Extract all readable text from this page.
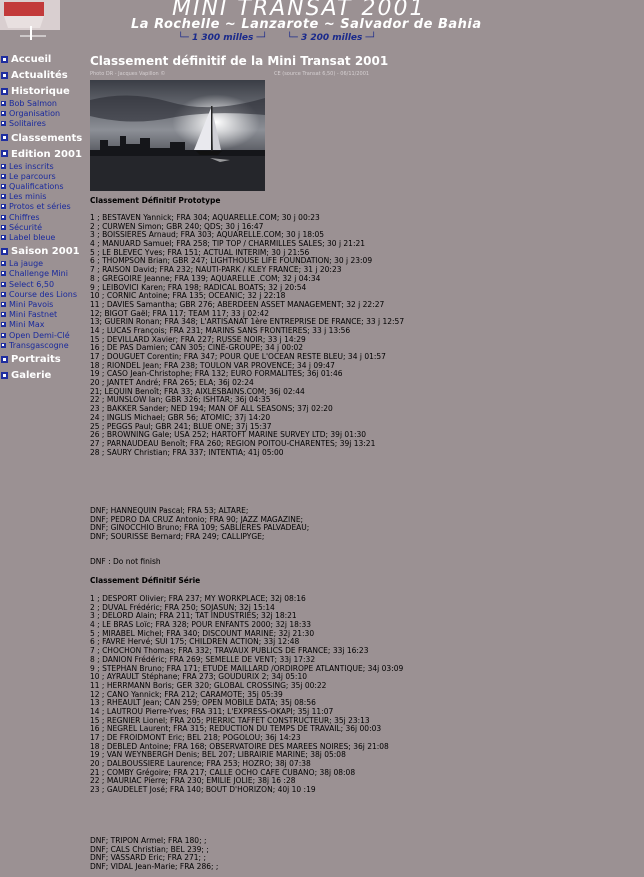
MINI TRANSAT 2001
La Rochelle ~ Lanzarote ~ Salvador de Bahia
└─ 1 300 milles ─┘ └─ 3 200 milles ─┘
Accueil
Actualités
Historique
Bob Salmon
Organisation
Solitaires
Classements
Edition 2001
Les inscrits
Le parcours
Qualifications
Les minis
Protos et séries
Chiffres
Sécurité
Label bleue
Saison 2001
La jauge
Challenge Mini
Select 6,50
Course des Lions
Mini Pavois
Mini Fastnet
Mini Max
Open Demi-Clé
Transgascogne
Portraits
Galerie
Classement définitif de la Mini Transat 2001
Photo DR - Jacques Vapillon ©	CE (source Transat 6,50) - 06/11/2001
Classement Définitif Prototype
1 ; BESTAVEN Yannick; FRA 304; AQUARELLE.COM; 30 j 00:23
2 ; CURWEN Simon; GBR 240; QDS; 30 j 16:47
3 ; BOISSIERES Arnaud; FRA 303; AQUARELLE.COM; 30 j 18:05
4 ; MANUARD Samuel; FRA 258; TIP TOP / CHARMILLES SALES; 30 j 21:21
5 ; LE BLEVEC Yves; FRA 151; ACTUAL INTERIM; 30 j 21:56
6 ; THOMPSON Brian; GBR 247; LIGHTHOUSE LIFE FOUNDATION; 30 j 23:09
7 ; RAISON David; FRA 232; NAUTI-PARK / KLEY FRANCE; 31 j 20:23
8 ; GREGOIRE Jeanne; FRA 139; AQUARELLE .COM; 32 j 04:34
9 ; LEIBOVICI Karen; FRA 198; RADICAL BOATS; 32 j 20:54
10 ; CORNIC Antoine; FRA 135; OCEANIC; 32 j 22:18
11 ; DAVIES Samantha; GBR 276; ABERDEEN ASSET MANAGEMENT; 32 j 22:27
12; BIGOT Gaël; FRA 117; TEAM 117; 33 j 02:42
13; GUERIN Ronan; FRA 348; L'ARTISANAT 1ère ENTREPRISE DE FRANCE; 33 j 12:57
14 ; LUCAS François; FRA 231; MARINS SANS FRONTIERES; 33 j 13:56
15 ; DEVILLARD Xavier; FRA 227; RUSSE NOIR; 33 j 14:29
16 ; DE PAS Damien; CAN 305; CINÉ-GROUPE; 34 j 00:02
17 ; DOUGUET Corentin; FRA 347; POUR QUE L'OCEAN RESTE BLEU; 34 j 01:57
18 ; RIONDEL Jean; FRA 238; TOULON VAR PROVENCE; 34 j 09:47
19 ; CASO Jean-Christophe; FRA 132; EURO FORMALITES; 36j 01:46
20 ; JANTET André; FRA 265; ELA; 36j 02:24
21; LEQUIN Benoît; FRA 33; AIXLESBAINS.COM; 36j 02:44
22 ; MUNSLOW Ian; GBR 326; ISHTAR; 36j 04:35
23 ; BAKKER Sander; NED 194; MAN OF ALL SEASONS; 37j 02:20
24 ; INGLIS Michael; GBR 56; ATOMIC; 37j 14:20
25 ; PEGGS Paul; GBR 241; BLUE ONE; 37j 15:37
26 ; BROWNING Gale; USA 252; HARTOFT MARINE SURVEY LTD; 39j 01:30
27 ; PARNAUDEAU Benoît; FRA 260; REGION POITOU-CHARENTES; 39j 13:21
28 ; SAURY Christian; FRA 337; INTENTIA; 41j 05:00
DNF; HANNEQUIN Pascal; FRA 53; ALTARE;
DNF; PEDRO DA CRUZ Antonio; FRA 90; JAZZ MAGAZINE;
DNF; GINOCCHIO Bruno; FRA 109; SABLIERES PALVADEAU;
DNF; SOURISSE Bernard; FRA 249; CALLIPYGE;
DNF : Do not finish
Classement Définitif Série
1 ; DESPORT Olivier; FRA 237; MY WORKPLACE; 32j 08:16
2 ; DUVAL Frédéric; FRA 250; SOJASUN; 32j 15:14
3 ; DELORD Alain; FRA 211; TAT INDUSTRIES; 32j 18:21
4 ; LE BRAS Loïc; FRA 328; POUR ENFANTS 2000; 32j 18:33
5 ; MIRABEL Michel; FRA 340; DISCOUNT MARINE; 32j 21:30
6 ; FAVRE Hervé; SUI 175; CHILDREN ACTION; 33j 12:48
7 ; CHOCHON Thomas; FRA 332; TRAVAUX PUBLICS DE FRANCE; 33j 16:23
8 ; DANION Frédéric; FRA 269; SEMELLE DE VENT; 33j 17:32
9 ; STEPHAN Bruno; FRA 171; ETUDE MAILLARD /ORDIROPE ATLANTIQUE; 34j 03:09
10 ; AYRAULT Stéphane; FRA 273; GOUDURIX 2; 34j 05:10
11 ; HERRMANN Boris; GER 320; GLOBAL CROSSING; 35j 00:22
12 ; CANO Yannick; FRA 212; CARAMOTE; 35j 05:39
13 ; RHEAULT Jean; CAN 259; OPEN MOBILE DATA; 35j 08:56
14 ; LAUTROU Pierre-Yves; FRA 311; L'EXPRESS-OKAPI; 35j 11:07
15 ; REGNIER Lionel; FRA 205; PIERRIC TAFFET CONSTRUCTEUR; 35j 23:13
16 ; NEGREL Laurent; FRA 315; REDUCTION DU TEMPS DE TRAVAIL; 36j 00:03
17 ; DE FROIDMONT Eric; BEL 218; POGOLOU; 36j 14:23
18 ; DEBLED Antoine; FRA 168; OBSERVATOIRE DES MAREES NOIRES; 36j 21:08
19 ; VAN WEYNBERGH Denis; BEL 207; LIBRAIRIE MARINE; 38j 05:08
20 ; DALBOUSSIERE Laurence; FRA 253; HOZRO; 38j 07:38
21 ; COMBY Grégoire; FRA 217; CALLE OCHO CAFE CUBANO; 38j 08:08
22 ; MAURIAC Pierre; FRA 230; EMILIE JOLIE; 38j 16 :28
23 ; GAUDELET José; FRA 140; BOUT D'HORIZON; 40j 10 :19
DNF; TRIPON Armel; FRA 180; ;
DNF; CALS Christian; BEL 239; ;
DNF; VASSARD Eric; FRA 271; ;
DNF; VIDAL Jean-Marie; FRA 286; ;
